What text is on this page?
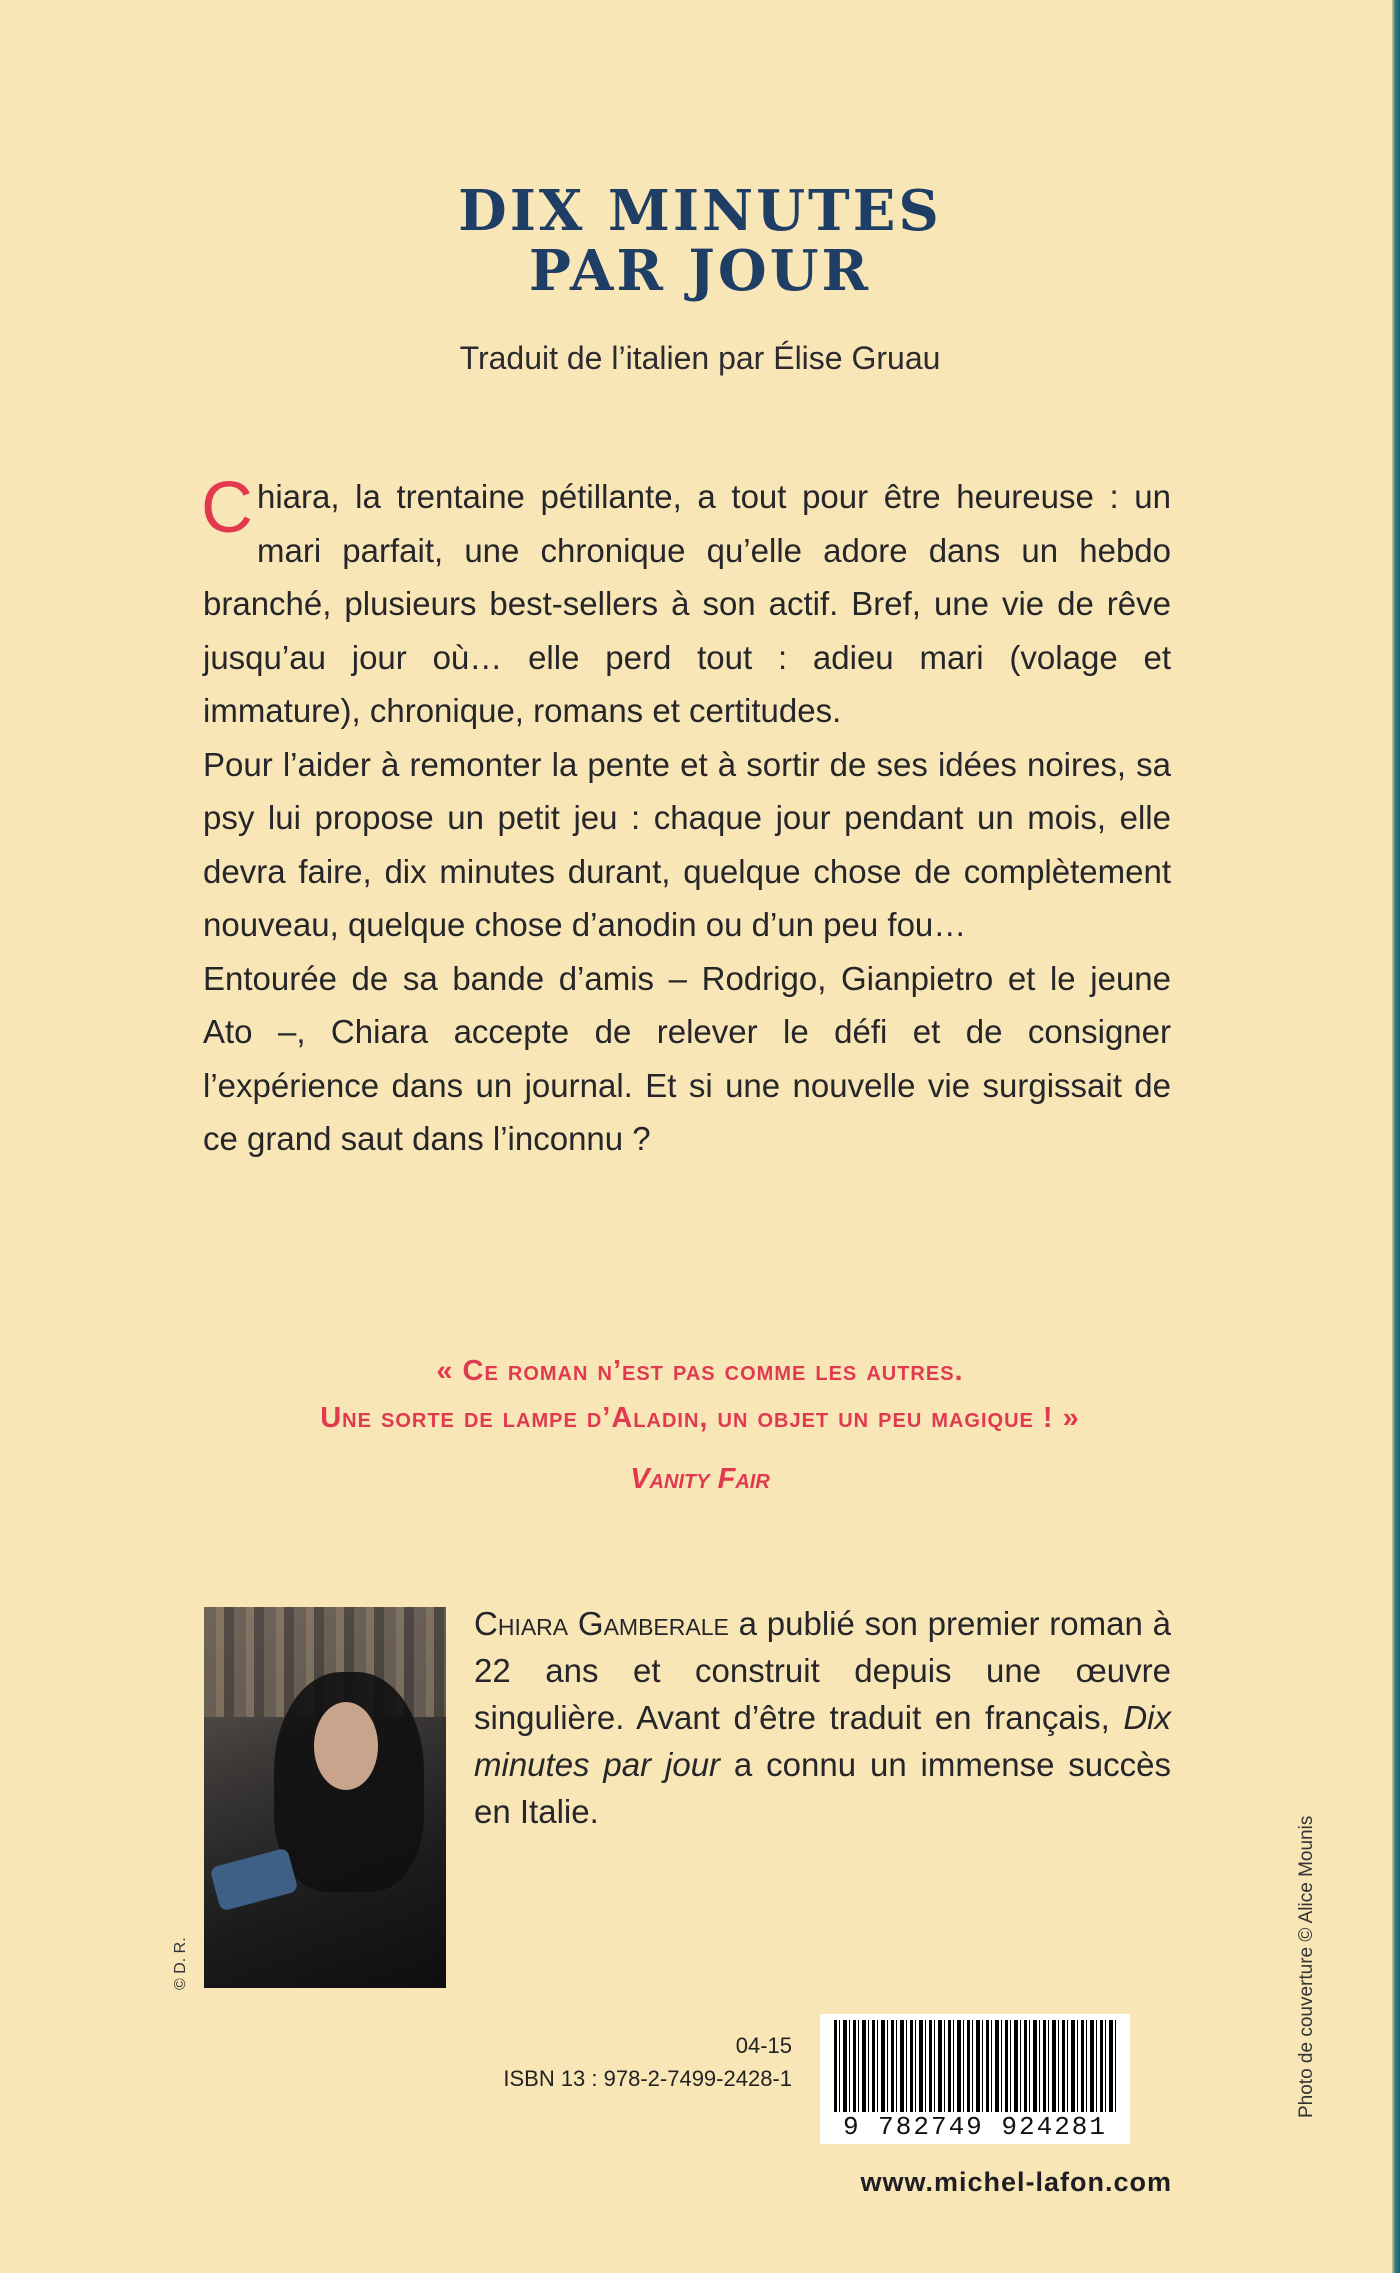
DIX MINUTES
PAR JOUR
Traduit de l’italien par Élise Gruau

Chiara, la trentaine pétillante, a tout pour être heureuse : un mari parfait, une chronique qu’elle adore dans un hebdo branché, plusieurs best-sellers à son actif. Bref, une vie de rêve jusqu’au jour où… elle perd tout : adieu mari (volage et immature), chronique, romans et certitudes.

Pour l’aider à remonter la pente et à sortir de ses idées noires, sa psy lui propose un petit jeu : chaque jour pendant un mois, elle devra faire, dix minutes durant, quelque chose de complètement nouveau, quelque chose d’anodin ou d’un peu fou…

Entourée de sa bande d’amis – Rodrigo, Gianpietro et le jeune Ato –, Chiara accepte de relever le défi et de consigner l’expérience dans un journal. Et si une nouvelle vie surgissait de ce grand saut dans l’inconnu ?

« Ce roman n’est pas comme les autres.
Une sorte de lampe d’Aladin, un objet un peu magique ! »
Vanity Fair
© D. R.

Chiara Gamberale a publié son premier roman à 22 ans et construit depuis une œuvre singulière. Avant d’être traduit en français, Dix minutes par jour a connu un immense succès en Italie.

Photo de couverture © Alice Mounis
04-15
ISBN 13 : 978-2-7499-2428-1
9 782749 924281
www.michel-lafon.com
